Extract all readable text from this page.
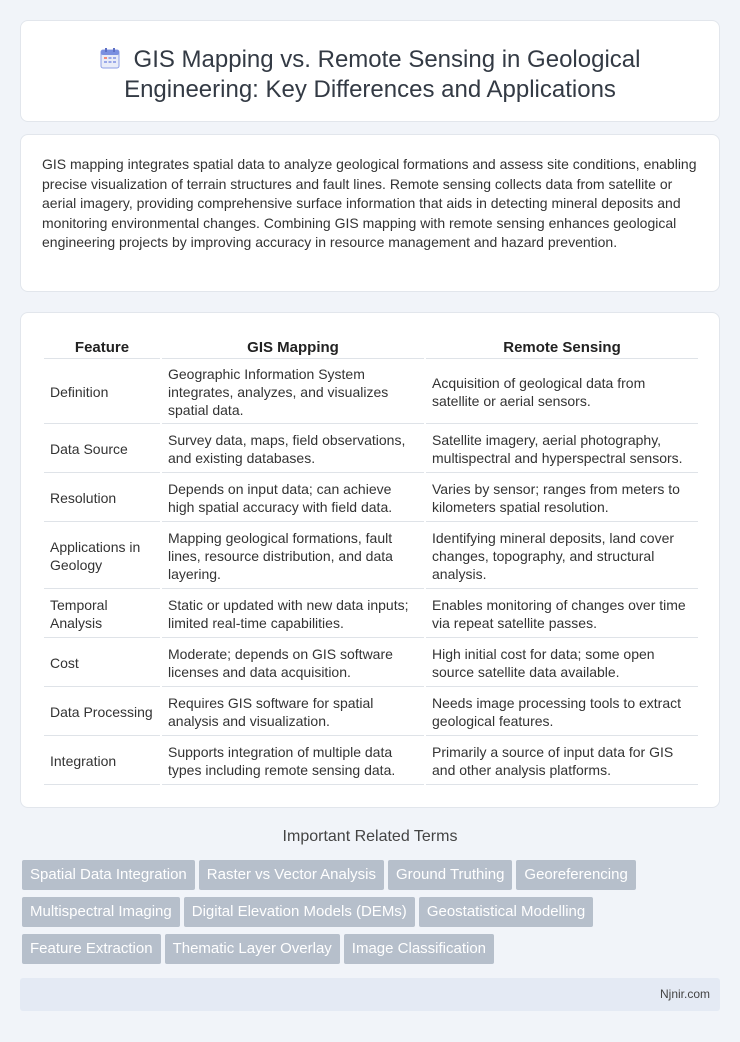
GIS Mapping vs. Remote Sensing in Geological Engineering: Key Differences and Applications

GIS mapping integrates spatial data to analyze geological formations and assess site conditions, enabling precise visualization of terrain structures and fault lines. Remote sensing collects data from satellite or aerial imagery, providing comprehensive surface information that aids in detecting mineral deposits and monitoring environmental changes. Combining GIS mapping with remote sensing enhances geological engineering projects by improving accuracy in resource management and hazard prevention.

Feature	GIS Mapping	Remote Sensing
Definition	Geographic Information System integrates, analyzes, and visualizes spatial data.	Acquisition of geological data from satellite or aerial sensors.
Data Source	Survey data, maps, field observations, and existing databases.	Satellite imagery, aerial photography, multispectral and hyperspectral sensors.
Resolution	Depends on input data; can achieve high spatial accuracy with field data.	Varies by sensor; ranges from meters to kilometers spatial resolution.
Applications in Geology	Mapping geological formations, fault lines, resource distribution, and data layering.	Identifying mineral deposits, land cover changes, topography, and structural analysis.
Temporal Analysis	Static or updated with new data inputs; limited real-time capabilities.	Enables monitoring of changes over time via repeat satellite passes.
Cost	Moderate; depends on GIS software licenses and data acquisition.	High initial cost for data; some open source satellite data available.
Data Processing	Requires GIS software for spatial analysis and visualization.	Needs image processing tools to extract geological features.
Integration	Supports integration of multiple data types including remote sensing data.	Primarily a source of input data for GIS and other analysis platforms.
Important Related Terms
Spatial Data Integration Raster vs Vector Analysis Ground Truthing Georeferencing
Multispectral Imaging Digital Elevation Models (DEMs) Geostatistical Modelling
Feature Extraction Thematic Layer Overlay Image Classification
Njnir.com
